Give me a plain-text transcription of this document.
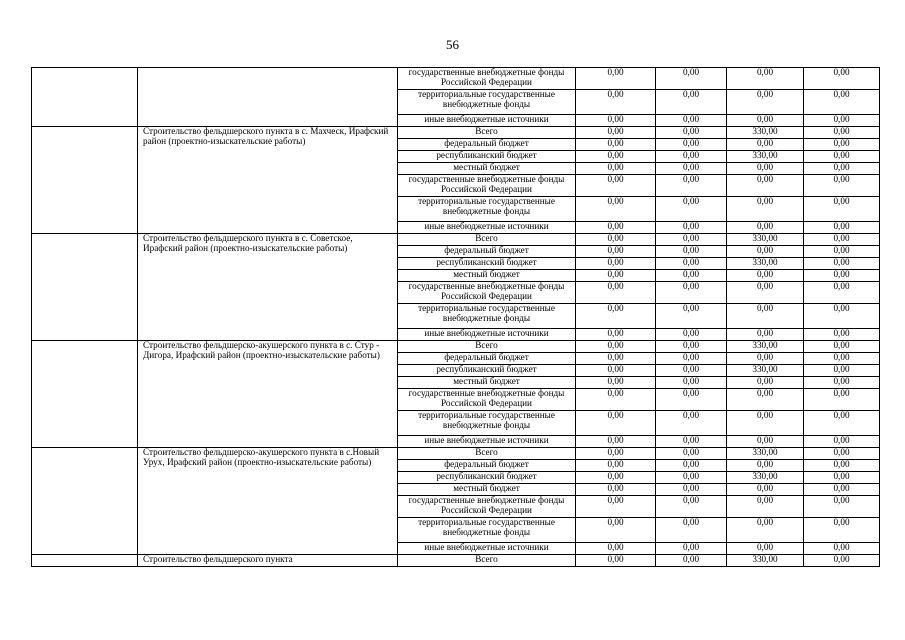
56
		государственные внебюджетные фонды Российской Федерации	0,00	0,00	0,00	0,00
		территориальные государственные внебюджетные фонды	0,00	0,00	0,00	0,00
		иные внебюджетные источники	0,00	0,00	0,00	0,00
	Строительство фельдшерского пункта в с. Махческ, Ирафский район (проектно-изыскательские работы)	Всего	0,00	0,00	330,00	0,00
		федеральный бюджет	0,00	0,00	0,00	0,00
		республиканский бюджет	0,00	0,00	330,00	0,00
		местный бюджет	0,00	0,00	0,00	0,00
		государственные внебюджетные фонды Российской Федерации	0,00	0,00	0,00	0,00
		территориальные государственные внебюджетные фонды	0,00	0,00	0,00	0,00
		иные внебюджетные источники	0,00	0,00	0,00	0,00
	Строительство фельдшерского пункта в с. Советское, Ирафский район (проектно-изыскательские работы)	Всего	0,00	0,00	330,00	0,00
		федеральный бюджет	0,00	0,00	0,00	0,00
		республиканский бюджет	0,00	0,00	330,00	0,00
		местный бюджет	0,00	0,00	0,00	0,00
		государственные внебюджетные фонды Российской Федерации	0,00	0,00	0,00	0,00
		территориальные государственные внебюджетные фонды	0,00	0,00	0,00	0,00
		иные внебюджетные источники	0,00	0,00	0,00	0,00
	Строительство фельдшерско-акушерского пункта в с. Стур - Дигора, Ирафский район (проектно-изыскательские работы)	Всего	0,00	0,00	330,00	0,00
		федеральный бюджет	0,00	0,00	0,00	0,00
		республиканский бюджет	0,00	0,00	330,00	0,00
		местный бюджет	0,00	0,00	0,00	0,00
		государственные внебюджетные фонды Российской Федерации	0,00	0,00	0,00	0,00
		территориальные государственные внебюджетные фонды	0,00	0,00	0,00	0,00
		иные внебюджетные источники	0,00	0,00	0,00	0,00
	Строительство фельдшерско-акушерского пункта в с.Новый Урух, Ирафский район (проектно-изыскательские работы)	Всего	0,00	0,00	330,00	0,00
		федеральный бюджет	0,00	0,00	0,00	0,00
		республиканский бюджет	0,00	0,00	330,00	0,00
		местный бюджет	0,00	0,00	0,00	0,00
		государственные внебюджетные фонды Российской Федерации	0,00	0,00	0,00	0,00
		территориальные государственные внебюджетные фонды	0,00	0,00	0,00	0,00
		иные внебюджетные источники	0,00	0,00	0,00	0,00
	Строительство фельдшерского пункта	Всего	0,00	0,00	330,00	0,00
